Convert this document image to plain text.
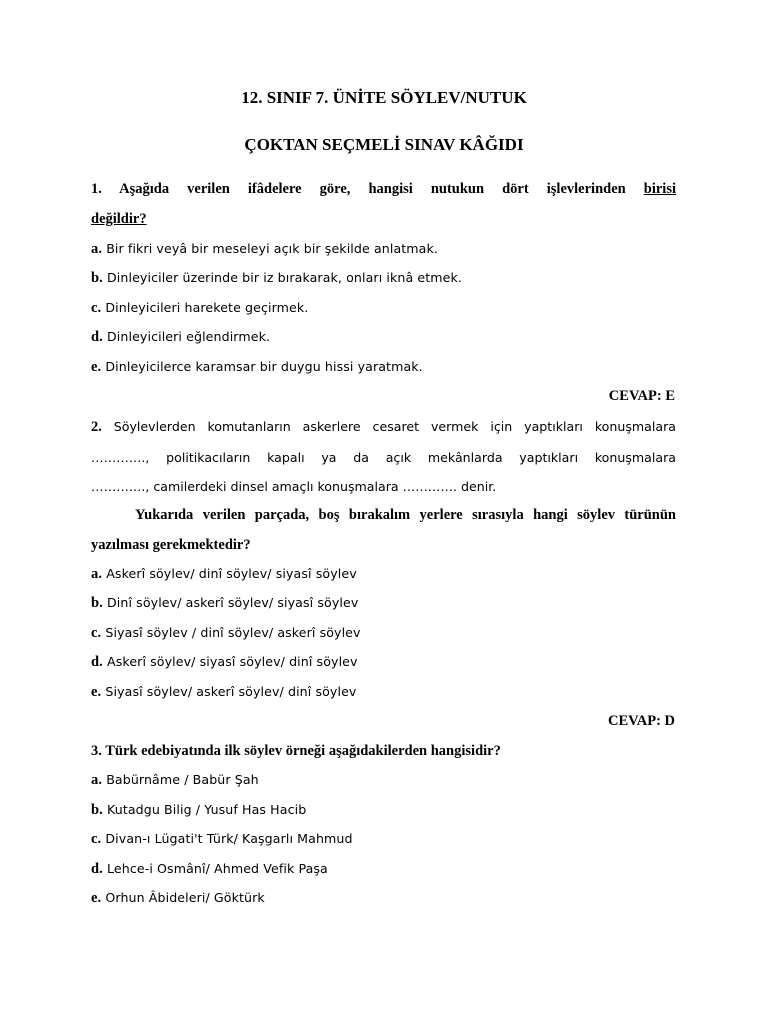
12. SINIF 7. ÜNİTE SÖYLEV/NUTUK
ÇOKTAN SEÇMELİ SINAV KÂĞIDI

1. Aşağıda verilen ifâdelere göre, hangisi nutukun dört işlevlerinden birisi
değildir?

a. Bir fikri veyâ bir meseleyi açık bir şekilde anlatmak.
b. Dinleyiciler üzerinde bir iz bırakarak, onları iknâ etmek.
c. Dinleyicileri harekete geçirmek.
d. Dinleyicileri eğlendirmek.
e. Dinleyicilerce karamsar bir duygu hissi yaratmak.
CEVAP: E

2. Söylevlerden komutanların askerlere cesaret vermek için yaptıkları konuşmalara
…………., politikacıların kapalı ya da açık mekânlarda yaptıkları konuşmalara
…………., camilerdeki dinsel amaçlı konuşmalara …………. denir.

Yukarıda verilen parçada, boş bırakalım yerlere sırasıyla hangi söylev türünün yazılması gerekmektedir?

a. Askerî söylev/ dinî söylev/ siyasî söylev
b. Dinî söylev/ askerî söylev/ siyasî söylev
c. Siyasî söylev / dinî söylev/ askerî söylev
d. Askerî söylev/ siyasî söylev/ dinî söylev
e. Siyasî söylev/ askerî söylev/ dinî söylev
CEVAP: D
3. Türk edebiyatında ilk söylev örneği aşağıdakilerden hangisidir?
a. Babürnâme / Babür Şah
b. Kutadgu Bilig / Yusuf Has Hacib
c. Divan-ı Lügati't Türk/ Kaşgarlı Mahmud
d. Lehce-i Osmânî/ Ahmed Vefik Paşa
e. Orhun Âbideleri/ Göktürk
